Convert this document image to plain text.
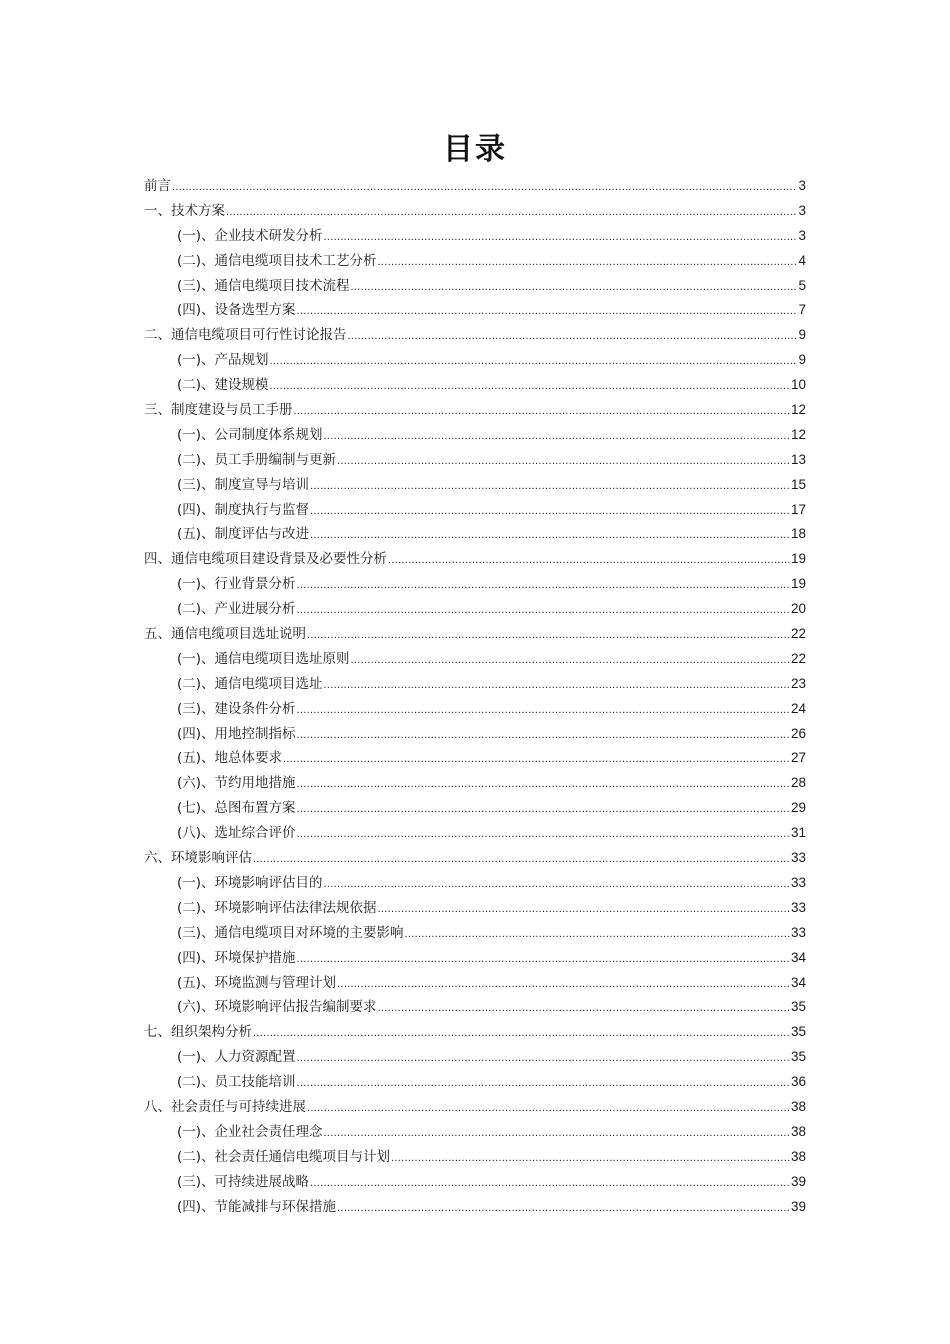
目录
前言 .....	3
一、技术方案 .....	3
(一)、企业技术研发分析 .....	3
(二)、通信电缆项目技术工艺分析 .....	4
(三)、通信电缆项目技术流程 .....	5
(四)、设备选型方案 .....	7
二、通信电缆项目可行性讨论报告 .....	9
(一)、产品规划 .....	9
(二)、建设规模 .....	10
三、制度建设与员工手册 .....	12
(一)、公司制度体系规划 .....	12
(二)、员工手册编制与更新 .....	13
(三)、制度宣导与培训 .....	15
(四)、制度执行与监督 .....	17
(五)、制度评估与改进 .....	18
四、通信电缆项目建设背景及必要性分析 .....	19
(一)、行业背景分析 .....	19
(二)、产业进展分析 .....	20
五、通信电缆项目选址说明 .....	22
(一)、通信电缆项目选址原则 .....	22
(二)、通信电缆项目选址 .....	23
(三)、建设条件分析 .....	24
(四)、用地控制指标 .....	26
(五)、地总体要求 .....	27
(六)、节约用地措施 .....	28
(七)、总图布置方案 .....	29
(八)、选址综合评价 .....	31
六、环境影响评估 .....	33
(一)、环境影响评估目的 .....	33
(二)、环境影响评估法律法规依据 .....	33
(三)、通信电缆项目对环境的主要影响 .....	33
(四)、环境保护措施 .....	34
(五)、环境监测与管理计划 .....	34
(六)、环境影响评估报告编制要求 .....	35
七、组织架构分析 .....	35
(一)、人力资源配置 .....	35
(二)、员工技能培训 .....	36
八、社会责任与可持续进展 .....	38
(一)、企业社会责任理念 .....	38
(二)、社会责任通信电缆项目与计划 .....	38
(三)、可持续进展战略 .....	39
(四)、节能减排与环保措施 .....	39
